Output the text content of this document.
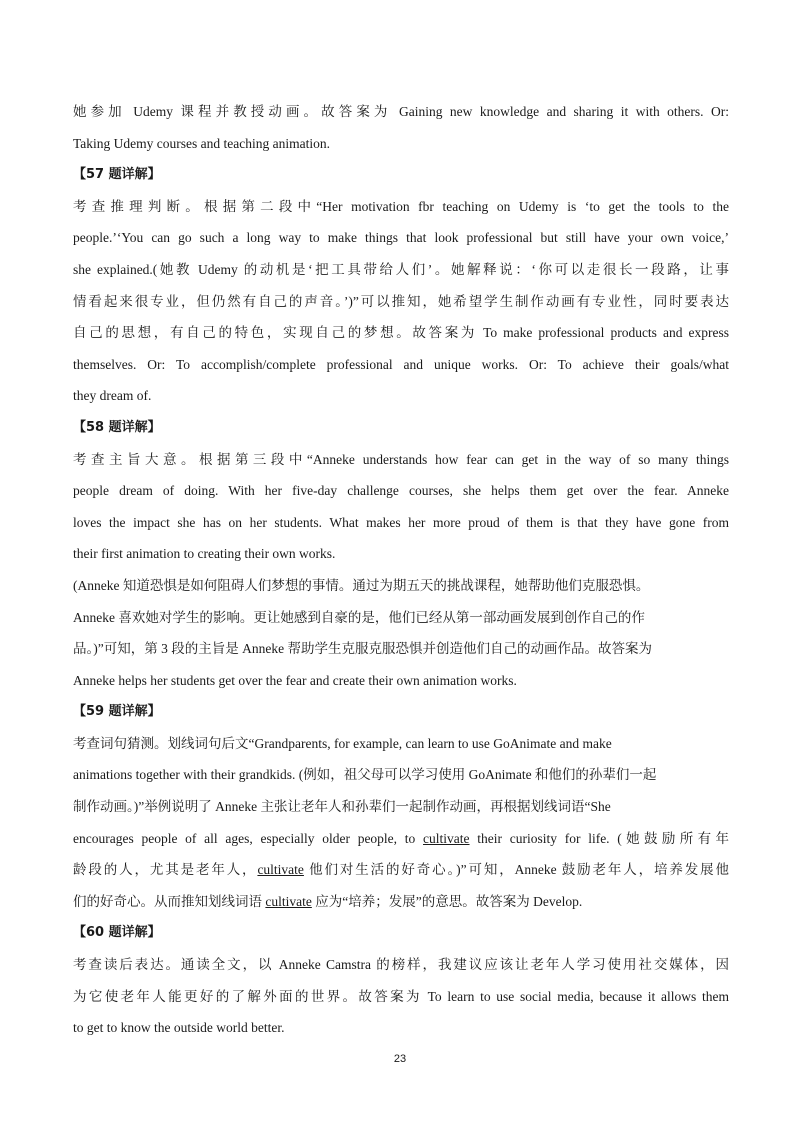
她参加 Udemy 课程并教授动画。故答案为 Gaining new knowledge and sharing it with others. Or:
Taking Udemy courses and teaching animation.
【57 题详解】
考查推理判断。根据第二段中“Her motivation fbr teaching on Udemy is ‘to get the tools to the
people.’‘You can go such a long way to make things that look professional but still have your own voice,’
she explained.(她教 Udemy 的动机是‘把工具带给人们’。她解释说：‘你可以走很长一段路，让事
情看起来很专业，但仍然有自己的声音。’)”可以推知，她希望学生制作动画有专业性，同时要表达
自己的思想，有自己的特色，实现自己的梦想。故答案为 To make professional products and express
themselves. Or: To accomplish/complete professional and unique works. Or: To achieve their goals/what
they dream of.
【58 题详解】
考查主旨大意。根据第三段中“Anneke understands how fear can get in the way of so many things
people dream of doing. With her five-day challenge courses, she helps them get over the fear. Anneke
loves the impact she has on her students. What makes her more proud of them is that they have gone from
their first animation to creating their own works.
(Anneke 知道恐惧是如何阻碍人们梦想的事情。通过为期五天的挑战课程，她帮助他们克服恐惧。
Anneke 喜欢她对学生的影响。更让她感到自豪的是，他们已经从第一部动画发展到创作自己的作
品。)”可知，第 3 段的主旨是 Anneke 帮助学生克服克服恐惧并创造他们自己的动画作品。故答案为
Anneke helps her students get over the fear and create their own animation works.
【59 题详解】
考查词句猜测。划线词句后文“Grandparents, for example, can learn to use GoAnimate and make
animations together with their grandkids. (例如，祖父母可以学习使用 GoAnimate 和他们的孙辈们一起
制作动画。)”举例说明了 Anneke 主张让老年人和孙辈们一起制作动画，再根据划线词语“She
encourages people of all ages, especially older people, to cultivate their curiosity for life. (她鼓励所有年
龄段的人，尤其是老年人，cultivate 他们对生活的好奇心。)”可知，Anneke 鼓励老年人，培养发展他
们的好奇心。从而推知划线词语 cultivate 应为“培养；发展”的意思。故答案为 Develop.
【60 题详解】
考查读后表达。通读全文，以 Anneke Camstra 的榜样，我建议应该让老年人学习使用社交媒体，因
为它使老年人能更好的了解外面的世界。故答案为 To learn to use social media, because it allows them
to get to know the outside world better.
23
